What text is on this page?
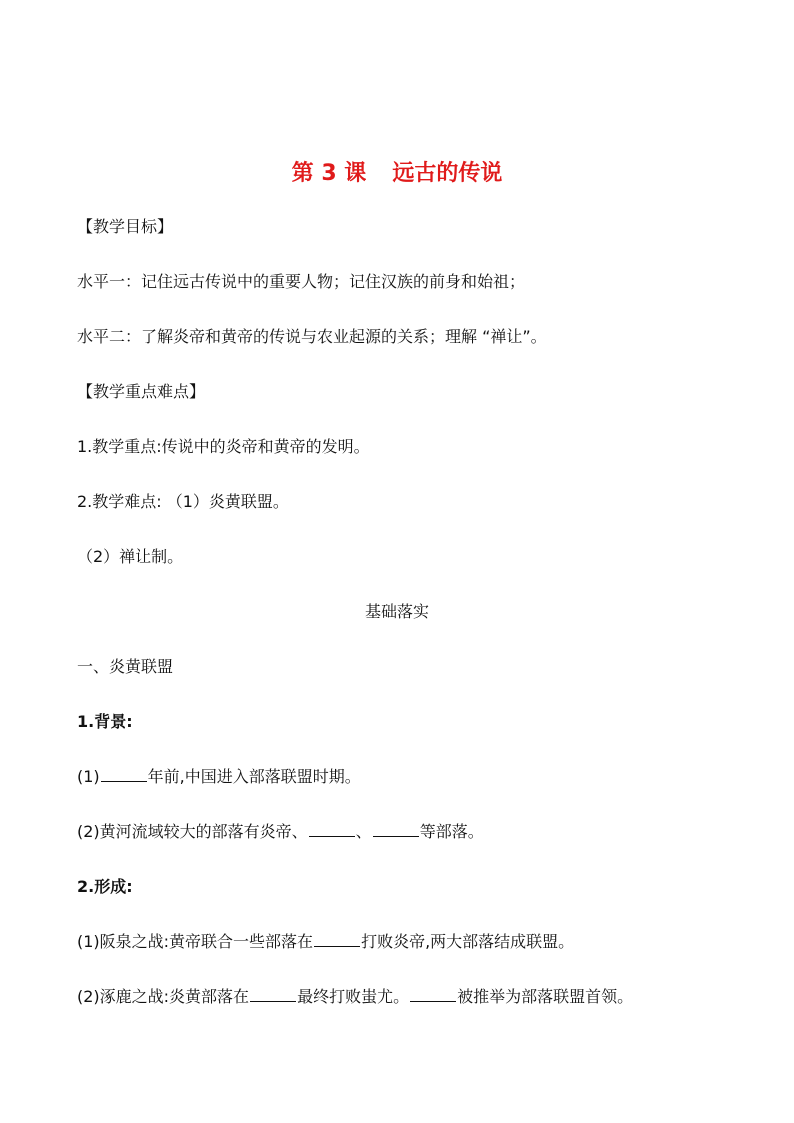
第 3 课 远古的传说
【教学目标】
水平一：记住远古传说中的重要人物；记住汉族的前身和始祖；
水平二：了解炎帝和黄帝的传说与农业起源的关系；理解 “禅让”。
【教学重点难点】
1.教学重点:传说中的炎帝和黄帝的发明。
2.教学难点: （1）炎黄联盟。
（2）禅让制。
基础落实
一、炎黄联盟
1.背景:
(1)	年前,中国进入部落联盟时期。
(2)黄河流域较大的部落有炎帝、	、	等部落。
2.形成:
(1)阪泉之战:黄帝联合一些部落在	打败炎帝,两大部落结成联盟。
(2)涿鹿之战:炎黄部落在	最终打败蚩尤。	被推举为部落联盟首领。
